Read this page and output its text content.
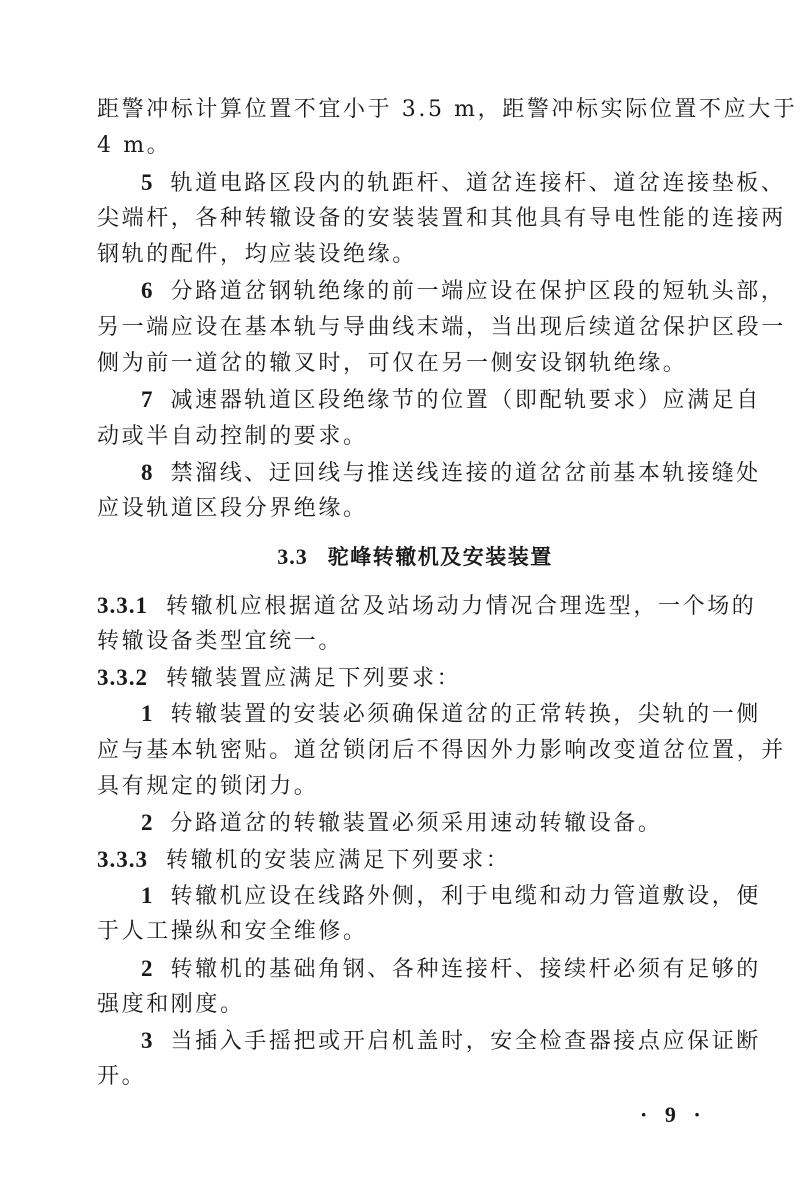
距警冲标计算位置不宜小于 3.5 m，距警冲标实际位置不应大于
4 m。
5 轨道电路区段内的轨距杆、道岔连接杆、道岔连接垫板、
尖端杆，各种转辙设备的安装装置和其他具有导电性能的连接两
钢轨的配件，均应装设绝缘。
6 分路道岔钢轨绝缘的前一端应设在保护区段的短轨头部，
另一端应设在基本轨与导曲线末端，当出现后续道岔保护区段一
侧为前一道岔的辙叉时，可仅在另一侧安设钢轨绝缘。
7 减速器轨道区段绝缘节的位置（即配轨要求）应满足自
动或半自动控制的要求。
8 禁溜线、迂回线与推送线连接的道岔岔前基本轨接缝处
应设轨道区段分界绝缘。
3.3 驼峰转辙机及安装装置
3.3.1 转辙机应根据道岔及站场动力情况合理选型，一个场的
转辙设备类型宜统一。
3.3.2 转辙装置应满足下列要求：
1 转辙装置的安装必须确保道岔的正常转换，尖轨的一侧
应与基本轨密贴。道岔锁闭后不得因外力影响改变道岔位置，并
具有规定的锁闭力。
2 分路道岔的转辙装置必须采用速动转辙设备。
3.3.3 转辙机的安装应满足下列要求：
1 转辙机应设在线路外侧，利于电缆和动力管道敷设，便
于人工操纵和安全维修。
2 转辙机的基础角钢、各种连接杆、接续杆必须有足够的
强度和刚度。
3 当插入手摇把或开启机盖时，安全检查器接点应保证断
开。
· 9 ·
